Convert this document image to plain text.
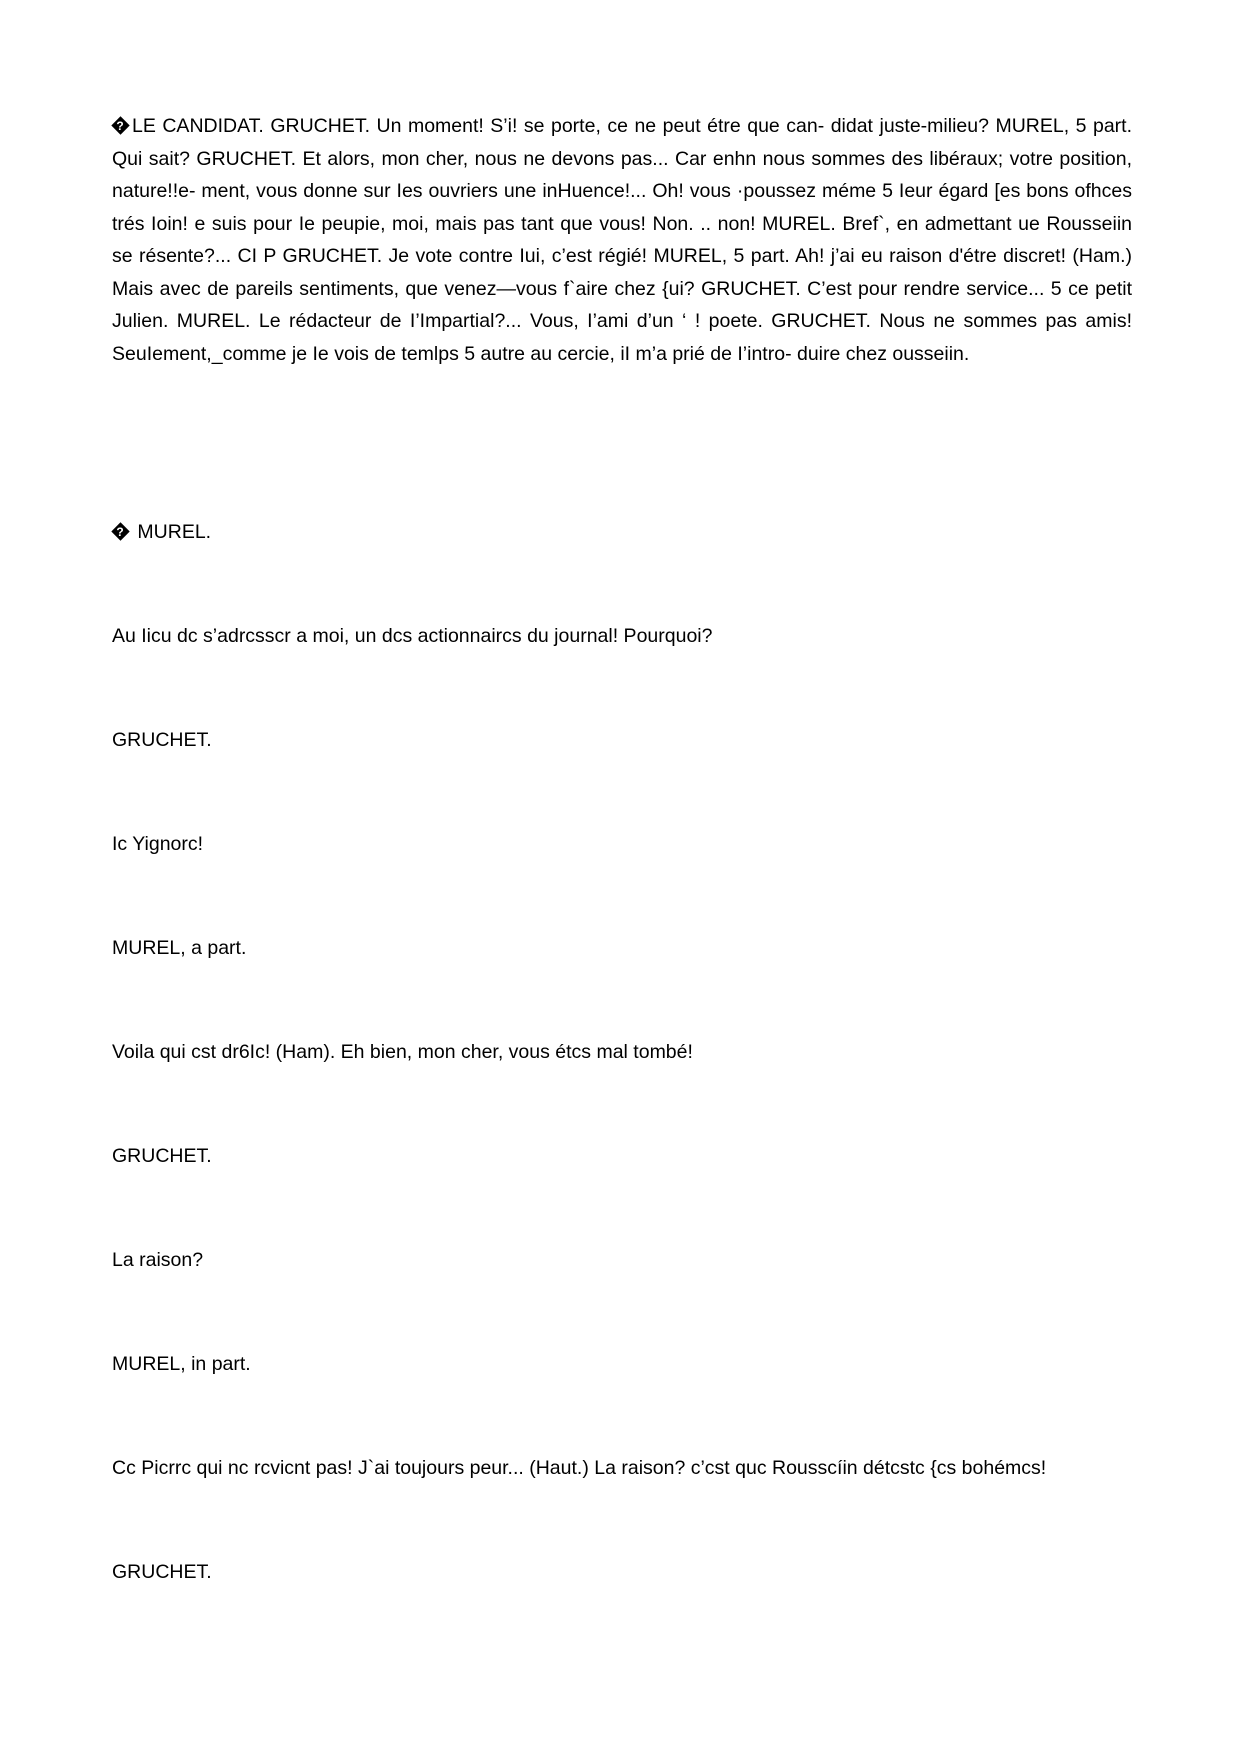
? LE CANDIDAT. GRUCHET. Un moment! S’i! se porte, ce ne peut étre que can- didat juste-milieu? MUREL, 5 part. Qui sait? GRUCHET. Et alors, mon cher, nous ne devons pas... Car enhn nous sommes des libéraux; votre position, nature!!e- ment, vous donne sur Ies ouvriers une inHuence!... Oh! vous ·poussez méme 5 Ieur égard [es bons ofhces trés Ioin! e suis pour Ie peupie, moi, mais pas tant que vous! Non. .. non! MUREL. Bref`, en admettant ue Rousseiin se résente?... CI P GRUCHET. Je vote contre Iui, c’est régié! MUREL, 5 part. Ah! j’ai eu raison d'étre discret! (Ham.) Mais avec de pareils sentiments, que venez—vous f`aire chez {ui? GRUCHET. C’est pour rendre service... 5 ce petit Julien. MUREL. Le rédacteur de I’Impartial?... Vous, I’ami d’un ‘ ! poete. GRUCHET. Nous ne sommes pas amis! SeuIement,_comme je Ie vois de temlps 5 autre au cercie, iI m’a prié de I’intro- duire chez ousseiin.

? MUREL.

Au Iicu dc s’adrcsscr a moi, un dcs actionnaircs du journal! Pourquoi?

GRUCHET.

Ic Yignorc!

MUREL, a part.

Voila qui cst dr6Ic! (Ham). Eh bien, mon cher, vous étcs mal tombé!

GRUCHET.

La raison?

MUREL, in part.

Cc Picrrc qui nc rcvicnt pas! J`ai toujours peur... (Haut.) La raison? c’cst quc Rousscíin détcstc {cs bohémcs!

GRUCHET.
